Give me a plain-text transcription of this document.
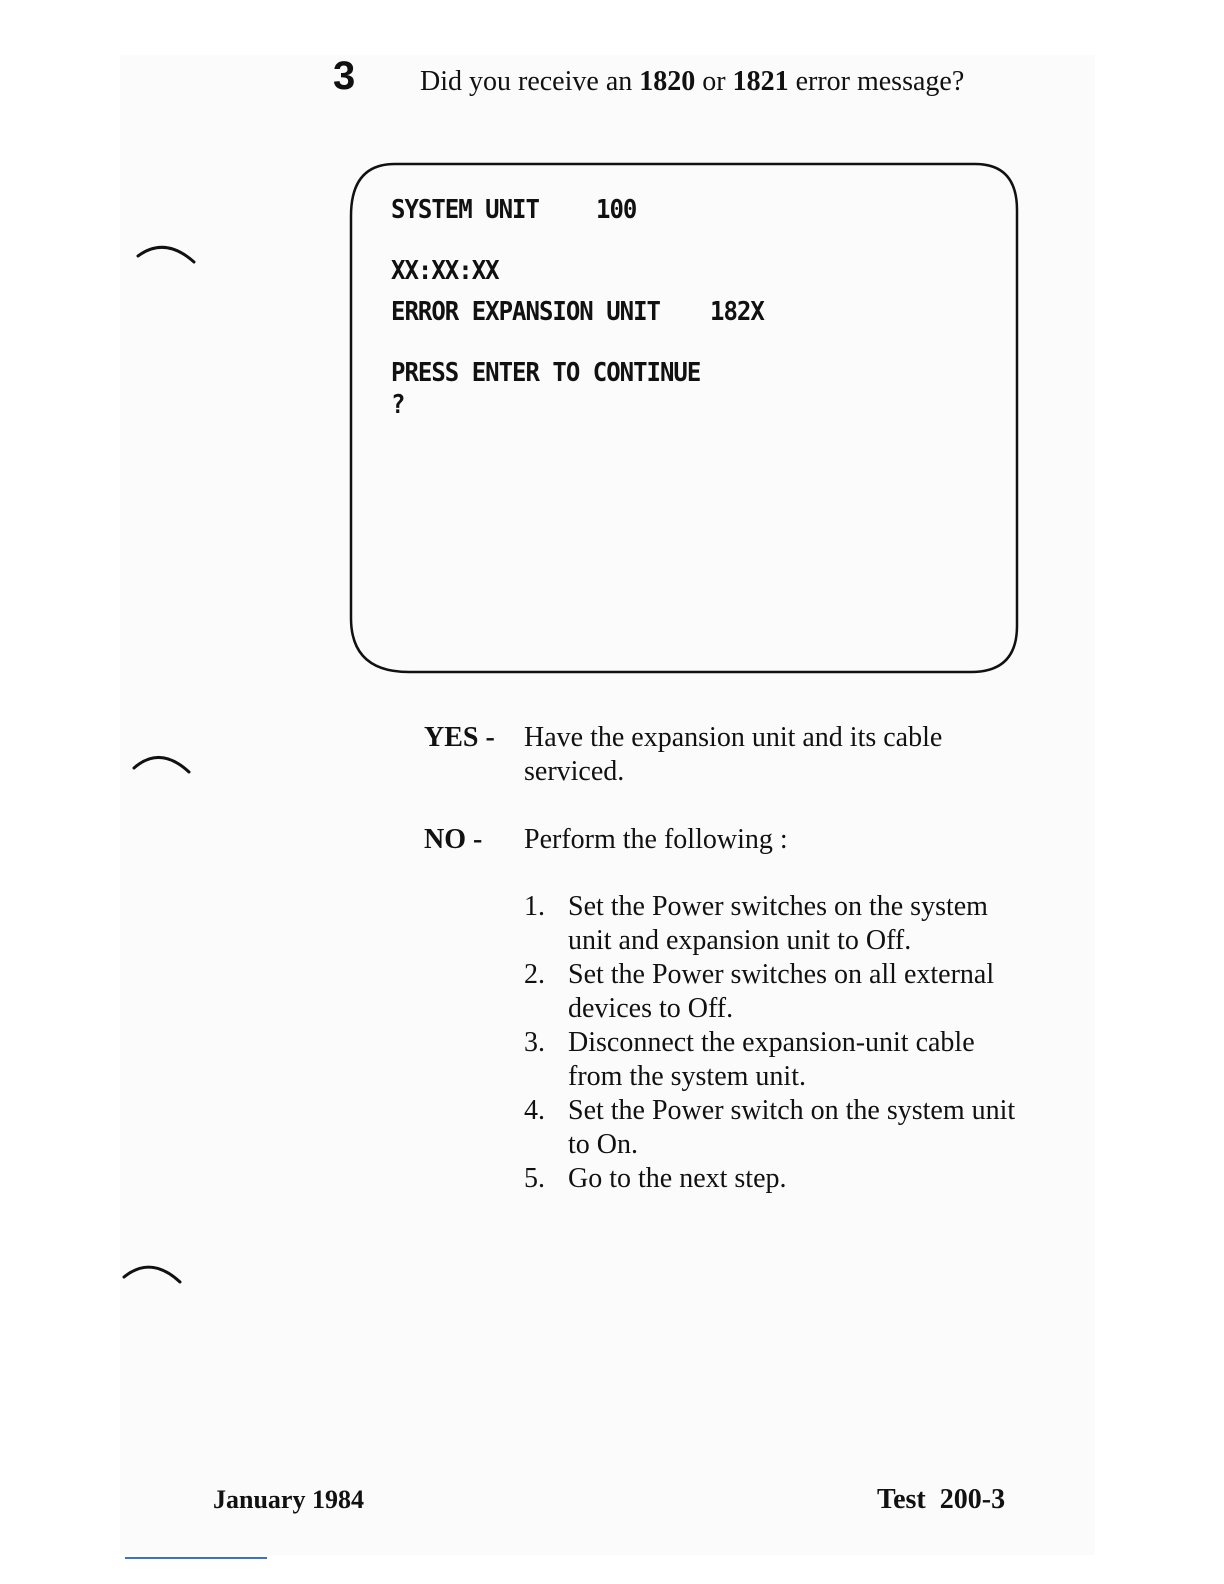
3 Did you receive an 1820 or 1821 error message?
SYSTEM UNIT 100
XX:XX:XX
ERROR EXPANSION UNIT 182X
PRESS ENTER TO CONTINUE
?
YES - Have the expansion unit and its cable serviced.
NO - Perform the following :
1. Set the Power switches on the system unit and expansion unit to Off.
2. Set the Power switches on all external devices to Off.
3. Disconnect the expansion-unit cable from the system unit.
4. Set the Power switch on the system unit to On.
5. Go to the next step.
January 1984	Test  200-3
